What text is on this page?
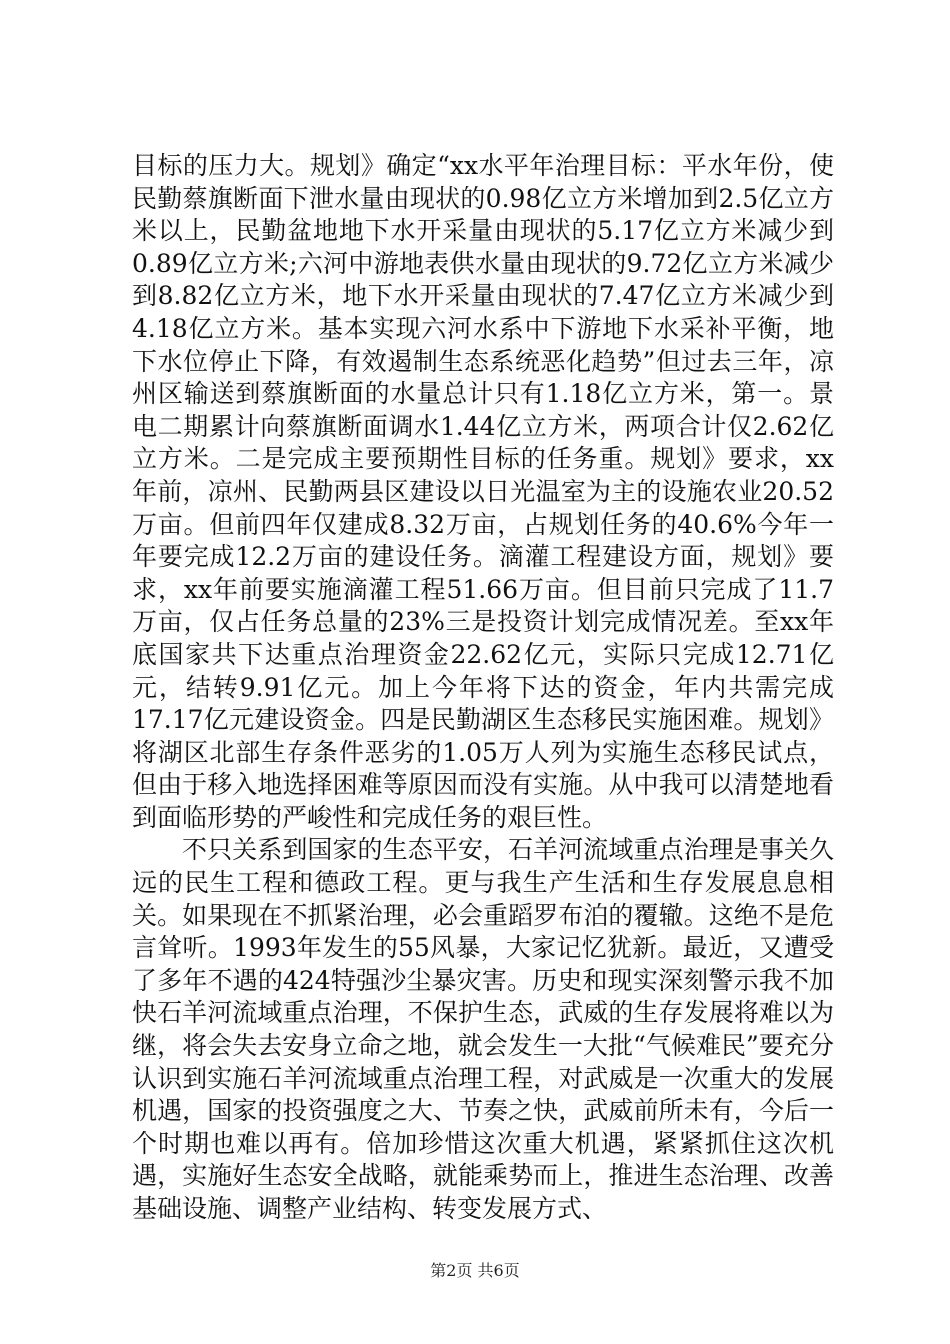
目标的压力大。规划》确定“xx水平年治理目标：平水年份，使民勤蔡旗断面下泄水量由现状的0.98亿立方米增加到2.5亿立方米以上，民勤盆地地下水开采量由现状的5.17亿立方米减少到0.89亿立方米;六河中游地表供水量由现状的9.72亿立方米减少到8.82亿立方米，地下水开采量由现状的7.47亿立方米减少到4.18亿立方米。基本实现六河水系中下游地下水采补平衡，地下水位停止下降，有效遏制生态系统恶化趋势”但过去三年，凉州区输送到蔡旗断面的水量总计只有1.18亿立方米，第一。景电二期累计向蔡旗断面调水1.44亿立方米，两项合计仅2.62亿立方米。二是完成主要预期性目标的任务重。规划》要求，xx年前，凉州、民勤两县区建设以日光温室为主的设施农业20.52万亩。但前四年仅建成8.32万亩，占规划任务的40.6%今年一年要完成12.2万亩的建设任务。滴灌工程建设方面，规划》要求，xx年前要实施滴灌工程51.66万亩。但目前只完成了11.7万亩，仅占任务总量的23%三是投资计划完成情况差。至xx年底国家共下达重点治理资金22.62亿元，实际只完成12.71亿元，结转9.91亿元。加上今年将下达的资金，年内共需完成17.17亿元建设资金。四是民勤湖区生态移民实施困难。规划》将湖区北部生存条件恶劣的1.05万人列为实施生态移民试点，但由于移入地选择困难等原因而没有实施。从中我可以清楚地看到面临形势的严峻性和完成任务的艰巨性。

不只关系到国家的生态平安，石羊河流域重点治理是事关久远的民生工程和德政工程。更与我生产生活和生存发展息息相关。如果现在不抓紧治理，必会重蹈罗布泊的覆辙。这绝不是危言耸听。1993年发生的55风暴，大家记忆犹新。最近，又遭受了多年不遇的424特强沙尘暴灾害。历史和现实深刻警示我不加快石羊河流域重点治理，不保护生态，武威的生存发展将难以为继，将会失去安身立命之地，就会发生一大批“气候难民”要充分认识到实施石羊河流域重点治理工程，对武威是一次重大的发展机遇，国家的投资强度之大、节奏之快，武威前所未有，今后一个时期也难以再有。倍加珍惜这次重大机遇，紧紧抓住这次机遇，实施好生态安全战略，就能乘势而上，推进生态治理、改善基础设施、调整产业结构、转变发展方式、

第2页 共6页
